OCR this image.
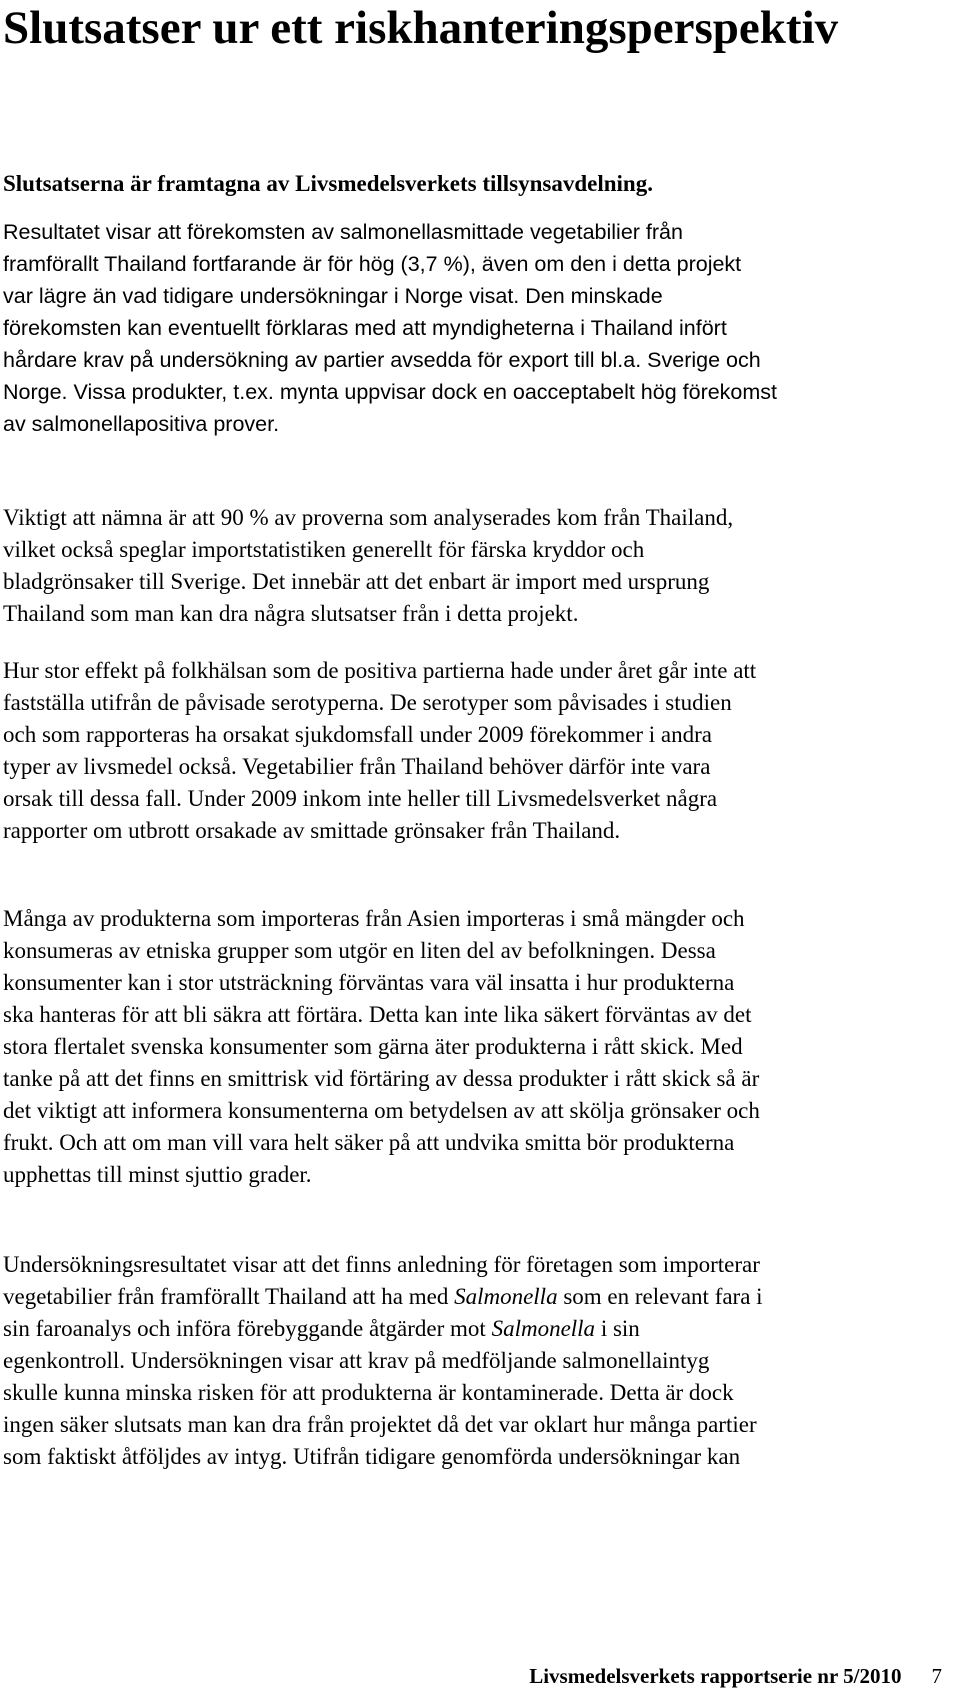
Slutsatser ur ett riskhanteringsperspektiv

Slutsatserna är framtagna av Livsmedelsverkets tillsynsavdelning.

Resultatet visar att förekomsten av salmonellasmittade vegetabilier från
framförallt Thailand fortfarande är för hög (3,7 %), även om den i detta projekt
var lägre än vad tidigare undersökningar i Norge visat. Den minskade
förekomsten kan eventuellt förklaras med att myndigheterna i Thailand infört
hårdare krav på undersökning av partier avsedda för export till bl.a. Sverige och
Norge. Vissa produkter, t.ex. mynta uppvisar dock en oacceptabelt hög förekomst
av salmonellapositiva prover.

Viktigt att nämna är att 90 % av proverna som analyserades kom från Thailand,
vilket också speglar importstatistiken generellt för färska kryddor och
bladgrönsaker till Sverige. Det innebär att det enbart är import med ursprung
Thailand som man kan dra några slutsatser från i detta projekt.

Hur stor effekt på folkhälsan som de positiva partierna hade under året går inte att
fastställa utifrån de påvisade serotyperna. De serotyper som påvisades i studien
och som rapporteras ha orsakat sjukdomsfall under 2009 förekommer i andra
typer av livsmedel också. Vegetabilier från Thailand behöver därför inte vara
orsak till dessa fall. Under 2009 inkom inte heller till Livsmedelsverket några
rapporter om utbrott orsakade av smittade grönsaker från Thailand.

Många av produkterna som importeras från Asien importeras i små mängder och
konsumeras av etniska grupper som utgör en liten del av befolkningen. Dessa
konsumenter kan i stor utsträckning förväntas vara väl insatta i hur produkterna
ska hanteras för att bli säkra att förtära. Detta kan inte lika säkert förväntas av det
stora flertalet svenska konsumenter som gärna äter produkterna i rått skick. Med
tanke på att det finns en smittrisk vid förtäring av dessa produkter i rått skick så är
det viktigt att informera konsumenterna om betydelsen av att skölja grönsaker och
frukt. Och att om man vill vara helt säker på att undvika smitta bör produkterna
upphettas till minst sjuttio grader.

Undersökningsresultatet visar att det finns anledning för företagen som importerar
vegetabilier från framförallt Thailand att ha med Salmonella som en relevant fara i
sin faroanalys och införa förebyggande åtgärder mot Salmonella i sin
egenkontroll. Undersökningen visar att krav på medföljande salmonellaintyg
skulle kunna minska risken för att produkterna är kontaminerade. Detta är dock
ingen säker slutsats man kan dra från projektet då det var oklart hur många partier
som faktiskt åtföljdes av intyg. Utifrån tidigare genomförda undersökningar kan

Livsmedelsverkets rapportserie nr 5/2010 7
